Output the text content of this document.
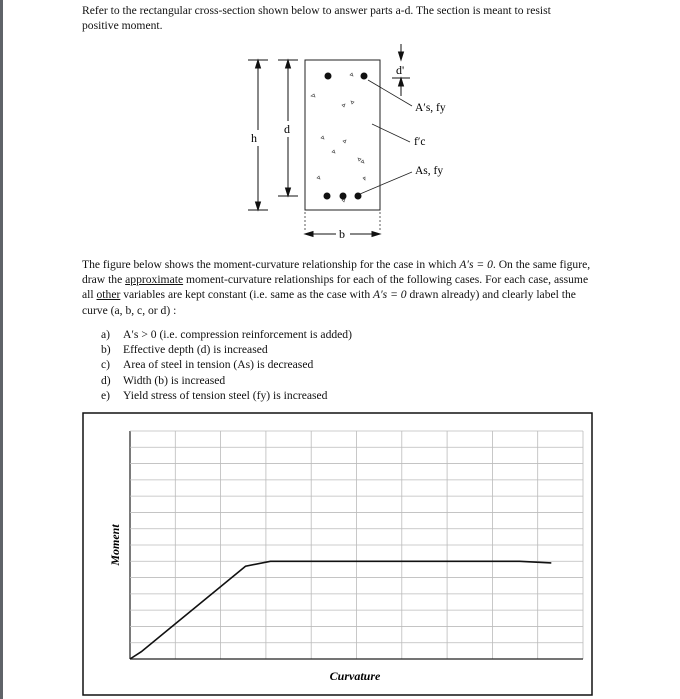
Refer to the rectangular cross-section shown below to answer parts a-d. The section is meant to resist
positive moment.
h
d
b
d'
A′s, fy
f′c
As, fy
The figure below shows the moment-curvature relationship for the case in which A′s = 0. On the same figure, draw the approximate moment-curvature relationships for each of the following cases. For each case, assume all other variables are kept constant (i.e. same as the case with A′s = 0 drawn already) and clearly label the curve (a, b, c, or d) :
a) A′s > 0 (i.e. compression reinforcement is added)
b) Effective depth (d) is increased
c) Area of steel in tension (As) is decreased
d) Width (b) is increased
e) Yield stress of tension steel (fy) is increased
Moment
Curvature
